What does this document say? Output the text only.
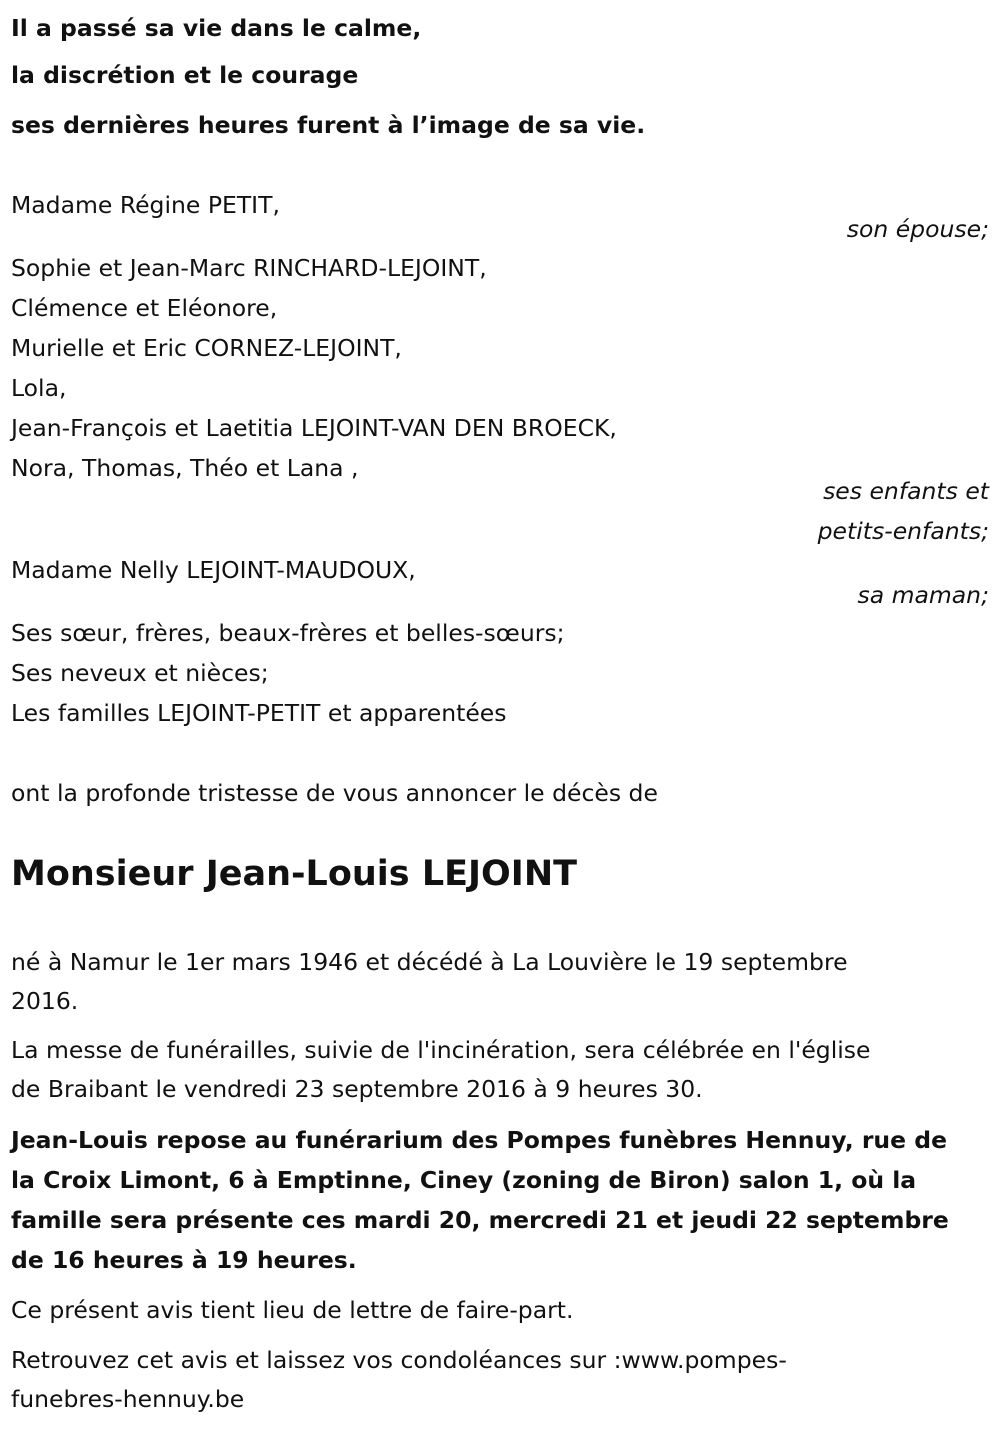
Il a passé sa vie dans le calme,
la discrétion et le courage
ses dernières heures furent à l’image de sa vie.
Madame Régine PETIT,
son épouse;
Sophie et Jean-Marc RINCHARD-LEJOINT,
Clémence et Eléonore,
Murielle et Eric CORNEZ-LEJOINT,
Lola,
Jean-François et Laetitia LEJOINT-VAN DEN BROECK,
Nora, Thomas, Théo et Lana ,
ses enfants et
petits-enfants;
Madame Nelly LEJOINT-MAUDOUX,
sa maman;
Ses sœur, frères, beaux-frères et belles-sœurs;
Ses neveux et nièces;
Les familles LEJOINT-PETIT et apparentées
ont la profonde tristesse de vous annoncer le décès de
Monsieur Jean-Louis LEJOINT
né à Namur le 1er mars 1946 et décédé à La Louvière le 19 septembre
2016.
La messe de funérailles, suivie de l'incinération, sera célébrée en l'église
de Braibant le vendredi 23 septembre 2016 à 9 heures 30.
Jean-Louis repose au funérarium des Pompes funèbres Hennuy, rue de
la Croix Limont, 6 à Emptinne, Ciney (zoning de Biron) salon 1, où la
famille sera présente ces mardi 20, mercredi 21 et jeudi 22 septembre
de 16 heures à 19 heures.
Ce présent avis tient lieu de lettre de faire-part.
Retrouvez cet avis et laissez vos condoléances sur :www.pompes-
funebres-hennuy.be
